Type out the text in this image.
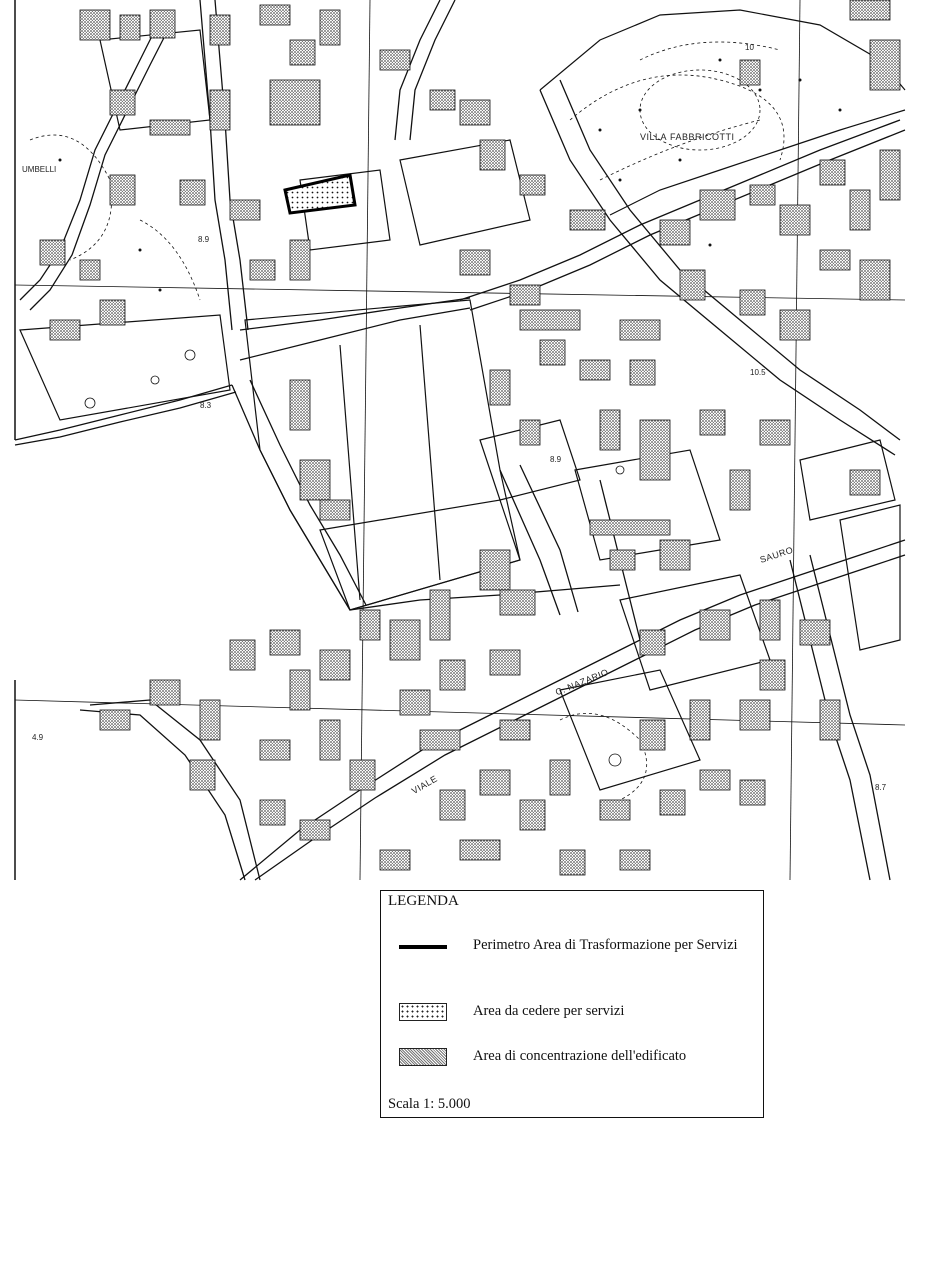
VILLA FABBRICOTTI
UMBELLI
VIALE
C. NAZARIO
SAURO
8.9
8.3
8.9
10.5
4.9
8.7
10
LEGENDA
Perimetro Area di Trasformazione per Servizi
Area da cedere per servizi
Area di concentrazione dell'edificato
Scala 1: 5.000
